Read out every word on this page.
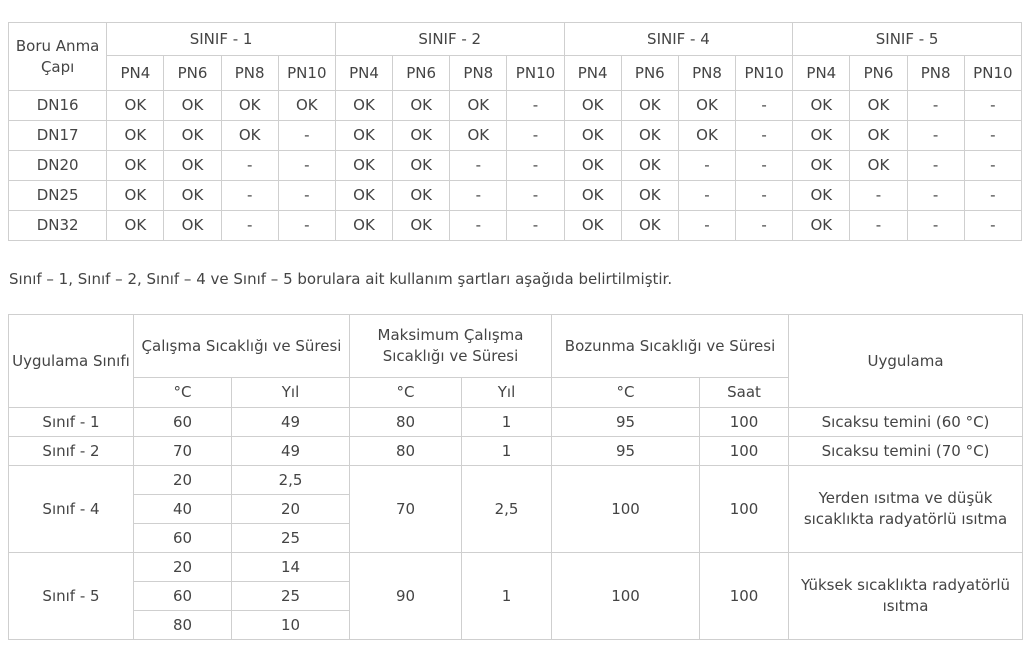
Boru Anma Çapı	SINIF - 1				SINIF - 2				SINIF - 4				SINIF - 5			
	PN4	PN6	PN8	PN10	PN4	PN6	PN8	PN10	PN4	PN6	PN8	PN10	PN4	PN6	PN8	PN10
DN16	OK	OK	OK	OK	OK	OK	OK	-	OK	OK	OK	-	OK	OK	-	-
DN17	OK	OK	OK	-	OK	OK	OK	-	OK	OK	OK	-	OK	OK	-	-
DN20	OK	OK	-	-	OK	OK	-	-	OK	OK	-	-	OK	OK	-	-
DN25	OK	OK	-	-	OK	OK	-	-	OK	OK	-	-	OK	-	-	-
DN32	OK	OK	-	-	OK	OK	-	-	OK	OK	-	-	OK	-	-	-
Sınıf – 1, Sınıf – 2, Sınıf – 4 ve Sınıf – 5 borulara ait kullanım şartları aşağıda belirtilmiştir.
Uygulama Sınıfı	Çalışma Sıcaklığı ve Süresi		Maksimum Çalışma Sıcaklığı ve Süresi		Bozunma Sıcaklığı ve Süresi		Uygulama
	°C	Yıl	°C	Yıl	°C	Saat	
Sınıf - 1	60	49	80	1	95	100	Sıcaksu temini (60 °C)
Sınıf - 2	70	49	80	1	95	100	Sıcaksu temini (70 °C)
Sınıf - 4	20	2,5	70	2,5	100	100	Yerden ısıtma ve düşük sıcaklıkta radyatörlü ısıtma
	40	20					
	60	25					
Sınıf - 5	20	14	90	1	100	100	Yüksek sıcaklıkta radyatörlü ısıtma
	60	25					
	80	10					
